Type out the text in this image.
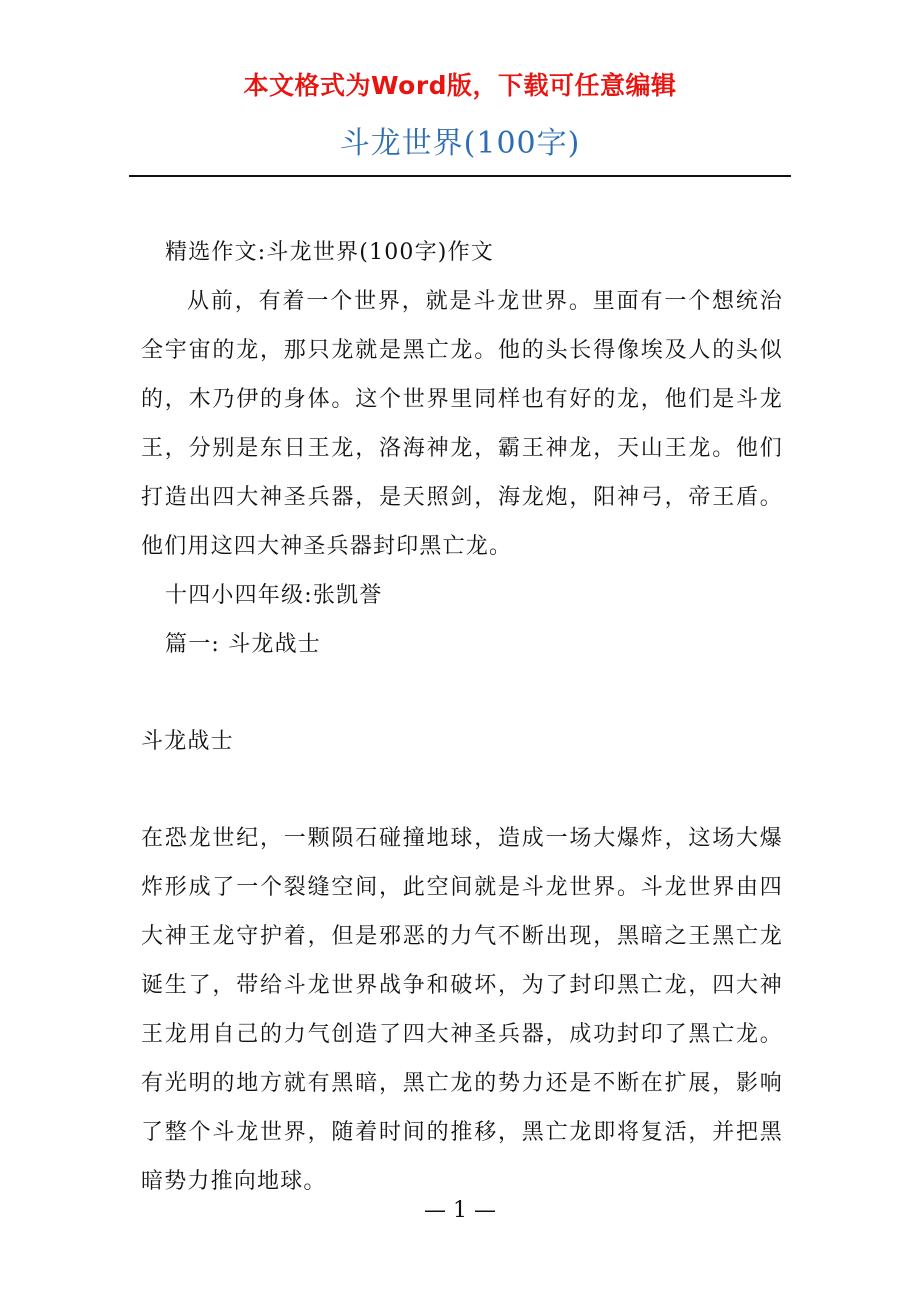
本文格式为Word版，下载可任意编辑
斗龙世界(100字)

精选作文:斗龙世界(100字)作文

从前，有着一个世界，就是斗龙世界。里面有一个想统治全宇宙的龙，那只龙就是黑亡龙。他的头长得像埃及人的头似的，木乃伊的身体。这个世界里同样也有好的龙，他们是斗龙王，分别是东日王龙，洛海神龙，霸王神龙，天山王龙。他们打造出四大神圣兵器，是天照剑，海龙炮，阳神弓，帝王盾。他们用这四大神圣兵器封印黑亡龙。

十四小四年级:张凯誉

篇一: 斗龙战士

斗龙战士

在恐龙世纪，一颗陨石碰撞地球，造成一场大爆炸，这场大爆炸形成了一个裂缝空间，此空间就是斗龙世界。斗龙世界由四大神王龙守护着，但是邪恶的力气不断出现，黑暗之王黑亡龙诞生了，带给斗龙世界战争和破坏，为了封印黑亡龙，四大神王龙用自己的力气创造了四大神圣兵器，成功封印了黑亡龙。有光明的地方就有黑暗，黑亡龙的势力还是不断在扩展，影响了整个斗龙世界，随着时间的推移，黑亡龙即将复活，并把黑暗势力推向地球。

— 1 —
